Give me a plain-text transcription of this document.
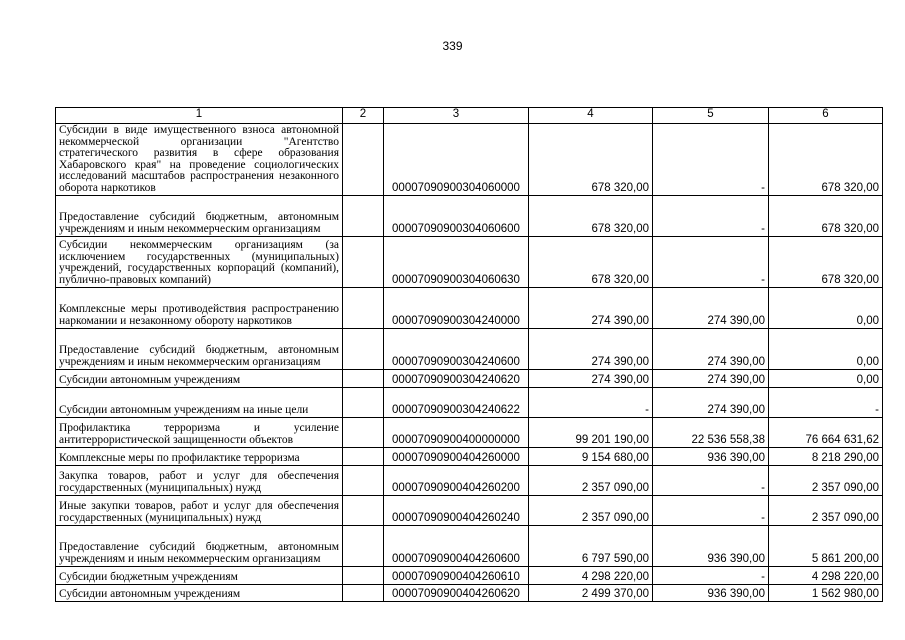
339
1	2	3	4	5	6
Субсидии в виде имущественного взноса автономной некоммерческой организации "Агентство стратегического развития в сфере образования Хабаровского края" на проведение социологических исследований масштабов распространения незаконного оборота наркотиков		00007090900304060000	678 320,00	-	678 320,00
Предоставление субсидий бюджетным, автономным учреждениям и иным некоммерческим организациям		00007090900304060600	678 320,00	-	678 320,00
Субсидии некоммерческим организациям (за исключением государственных (муниципальных) учреждений, государственных корпораций (компаний), публично-правовых компаний)		00007090900304060630	678 320,00	-	678 320,00
Комплексные меры противодействия распространению наркомании и незаконному обороту наркотиков		00007090900304240000	274 390,00	274 390,00	0,00
Предоставление субсидий бюджетным, автономным учреждениям и иным некоммерческим организациям		00007090900304240600	274 390,00	274 390,00	0,00
Субсидии автономным учреждениям		00007090900304240620	274 390,00	274 390,00	0,00
Субсидии автономным учреждениям на иные цели		00007090900304240622	-	274 390,00	-
Профилактика терроризма и усиление антитеррористической защищенности объектов		00007090900400000000	99 201 190,00	22 536 558,38	76 664 631,62
Комплексные меры по профилактике терроризма		00007090900404260000	9 154 680,00	936 390,00	8 218 290,00
Закупка товаров, работ и услуг для обеспечения государственных (муниципальных) нужд		00007090900404260200	2 357 090,00	-	2 357 090,00
Иные закупки товаров, работ и услуг для обеспечения государственных (муниципальных) нужд		00007090900404260240	2 357 090,00	-	2 357 090,00
Предоставление субсидий бюджетным, автономным учреждениям и иным некоммерческим организациям		00007090900404260600	6 797 590,00	936 390,00	5 861 200,00
Субсидии бюджетным учреждениям		00007090900404260610	4 298 220,00	-	4 298 220,00
Субсидии автономным учреждениям		00007090900404260620	2 499 370,00	936 390,00	1 562 980,00
